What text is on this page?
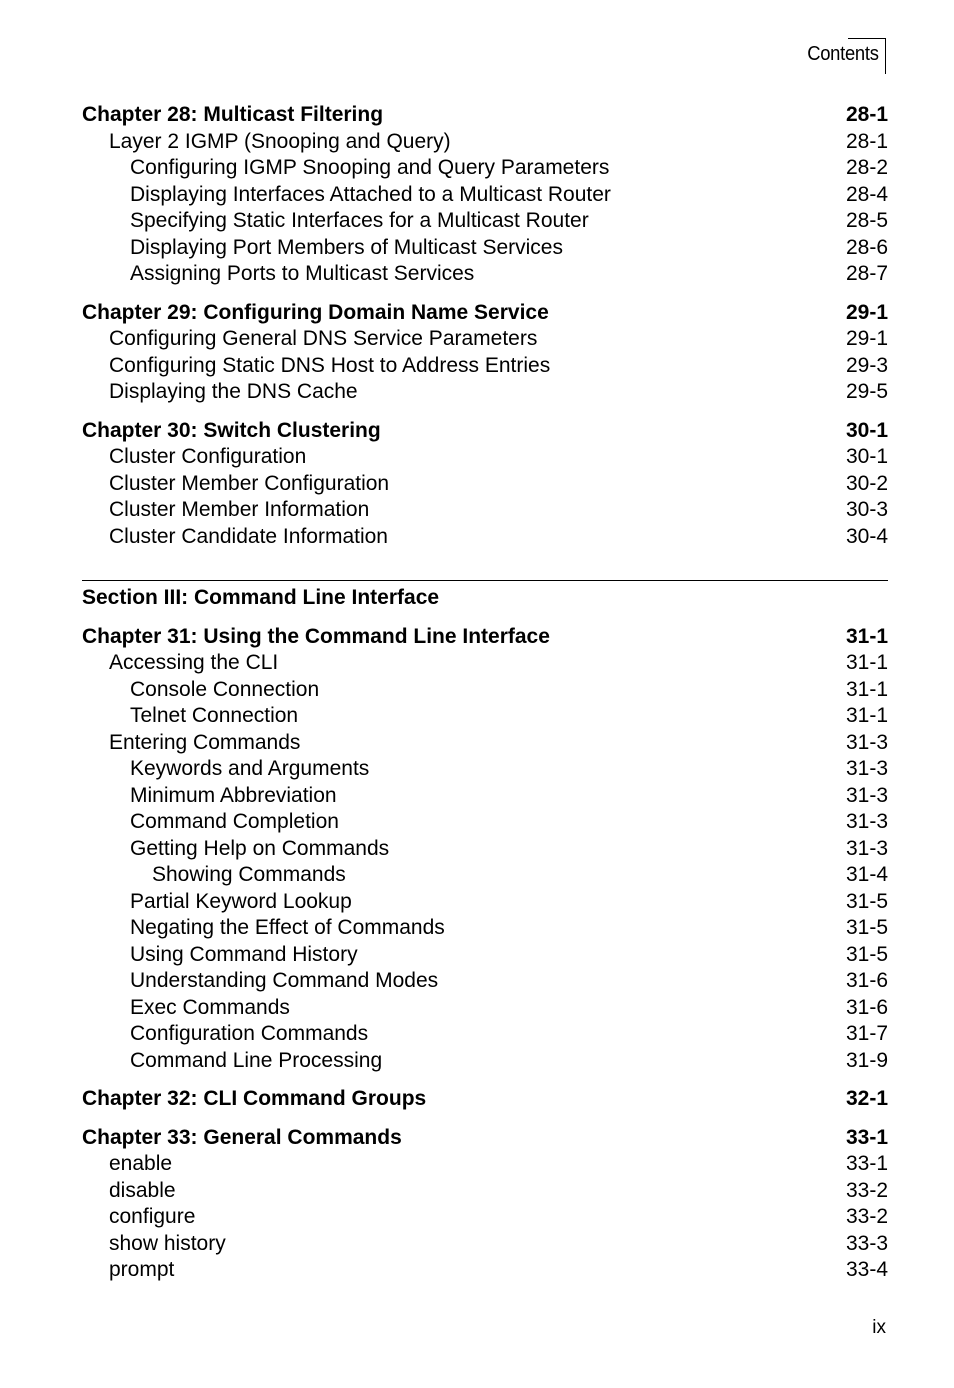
Contents
Chapter 28: Multicast Filtering	28-1
Layer 2 IGMP (Snooping and Query)	28-1
Configuring IGMP Snooping and Query Parameters	28-2
Displaying Interfaces Attached to a Multicast Router	28-4
Specifying Static Interfaces for a Multicast Router	28-5
Displaying Port Members of Multicast Services	28-6
Assigning Ports to Multicast Services	28-7
Chapter 29: Configuring Domain Name Service	29-1
Configuring General DNS Service Parameters	29-1
Configuring Static DNS Host to Address Entries	29-3
Displaying the DNS Cache	29-5
Chapter 30: Switch Clustering	30-1
Cluster Configuration	30-1
Cluster Member Configuration	30-2
Cluster Member Information	30-3
Cluster Candidate Information	30-4
Section III: Command Line Interface
Chapter 31: Using the Command Line Interface	31-1
Accessing the CLI	31-1
Console Connection	31-1
Telnet Connection	31-1
Entering Commands	31-3
Keywords and Arguments	31-3
Minimum Abbreviation	31-3
Command Completion	31-3
Getting Help on Commands	31-3
Showing Commands	31-4
Partial Keyword Lookup	31-5
Negating the Effect of Commands	31-5
Using Command History	31-5
Understanding Command Modes	31-6
Exec Commands	31-6
Configuration Commands	31-7
Command Line Processing	31-9
Chapter 32: CLI Command Groups	32-1
Chapter 33: General Commands	33-1
enable	33-1
disable	33-2
configure	33-2
show history	33-3
prompt	33-4
ix
